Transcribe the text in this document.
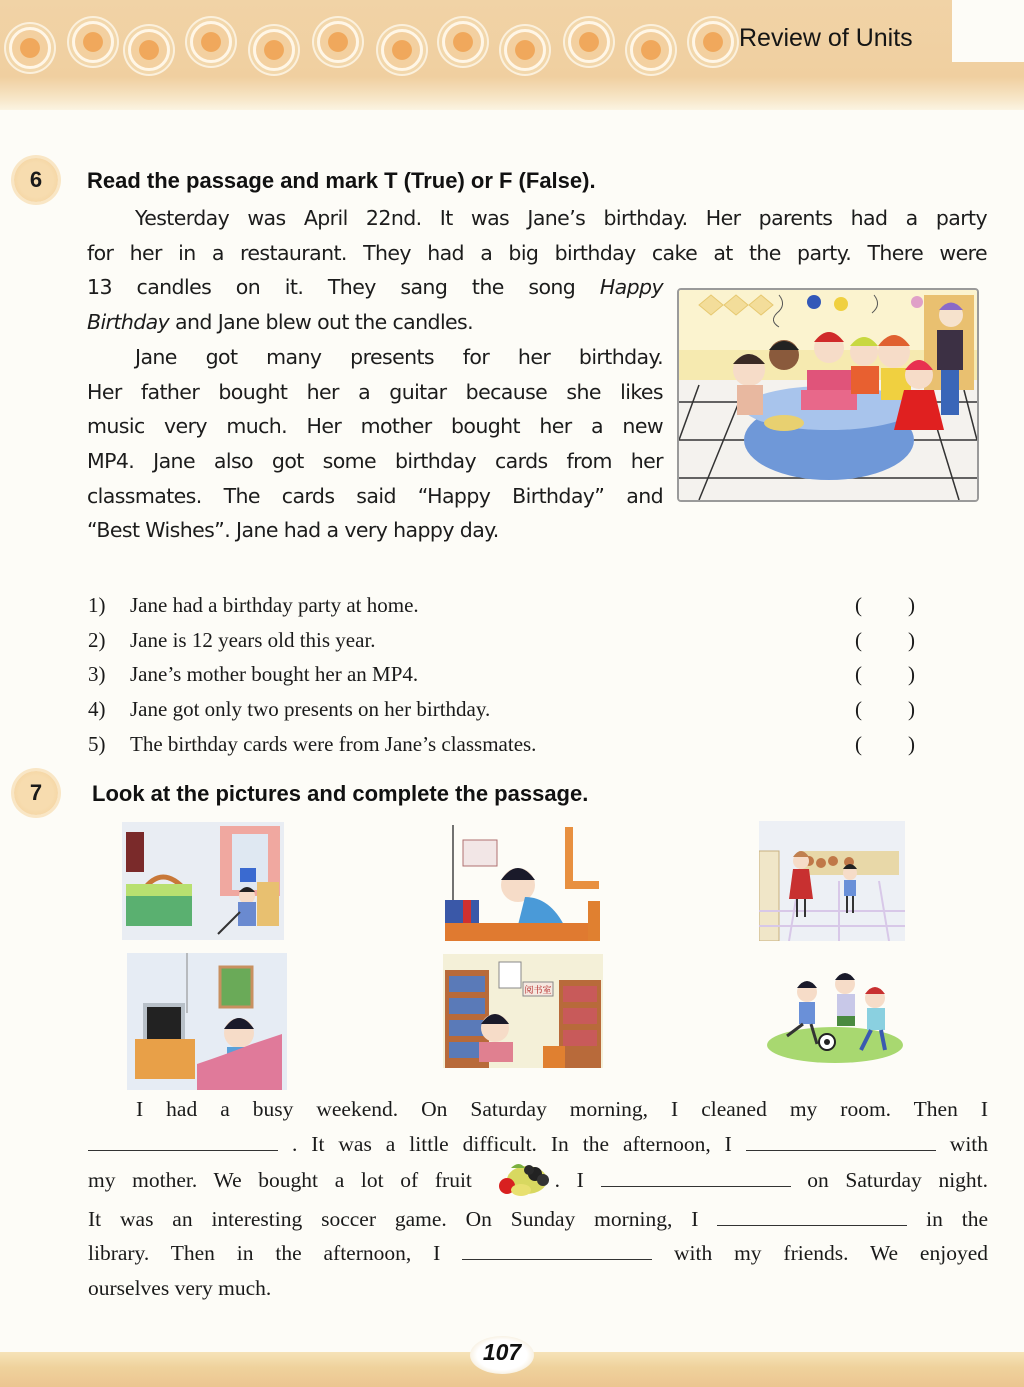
Review of Units
6	Read the passage and mark T (True) or F (False).
Yesterday was April 22nd. It was Jane’s birthday. Her parents had a party
for her in a restaurant. They had a big birthday cake at the party. There were
13 candles on it. They sang the song Happy
Birthday and Jane blew out the candles.
Jane got many presents for her birthday.
Her father bought her a guitar because she likes
music very much. Her mother bought her a new
MP4. Jane also got some birthday cards from her
classmates. The cards said “Happy Birthday” and
“Best Wishes”. Jane had a very happy day.
1) Jane had a birthday party at home.	( )
2) Jane is 12 years old this year.	( )
3) Jane’s mother bought her an MP4.	( )
4) Jane got only two presents on her birthday.	( )
5) The birthday cards were from Jane’s classmates.	( )
7	Look at the pictures and complete the passage.
阅书室
I had a busy weekend. On Saturday morning, I cleaned my room. Then I
. It was a little difficult. In the afternoon, I	with
my mother. We bought a lot of fruit	. I	on Saturday night.
It was an interesting soccer game. On Sunday morning, I	in the
library. Then in the afternoon, I	with my friends. We enjoyed
ourselves very much.
107
